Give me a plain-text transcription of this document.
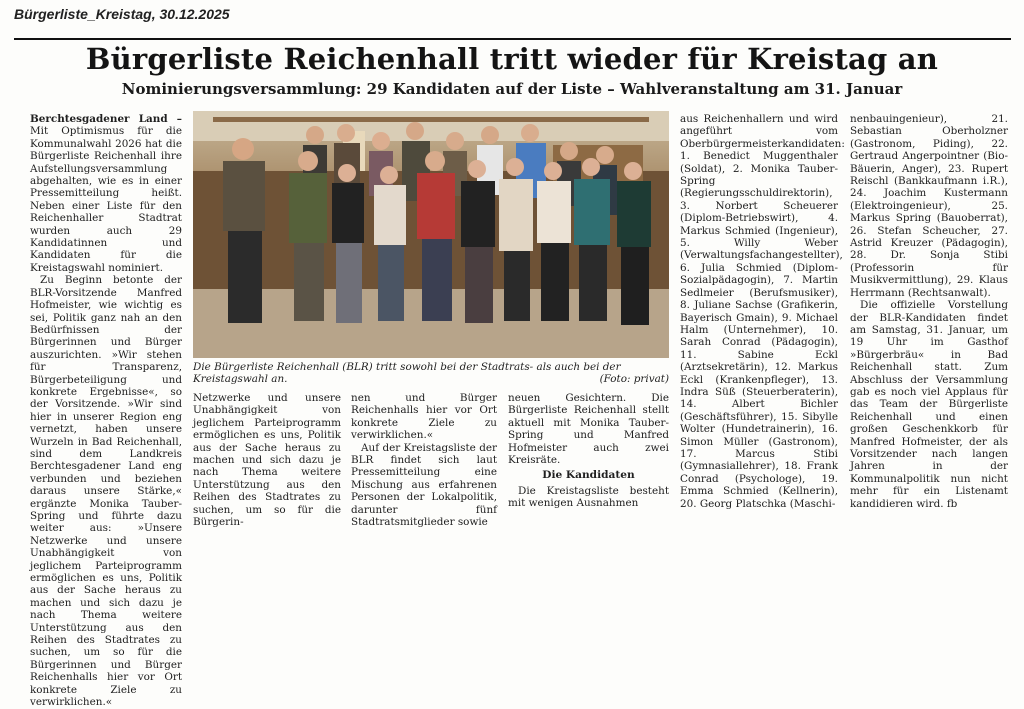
Bürgerliste_Kreistag, 30.12.2025
Bürgerliste Reichenhall tritt wieder für Kreistag an
Nominierungsversammlung: 29 Kandidaten auf der Liste – Wahlveranstaltung am 31. Januar

Berchtesgadener Land – Mit Optimismus für die Kommunalwahl 2026 hat die Bürgerliste Reichenhall ihre Aufstellungsversammlung abgehalten, wie es in einer Pressemitteilung heißt. Neben einer Liste für den Reichenhaller Stadtrat wurden auch 29 Kandidatinnen und Kandidaten für die Kreistagswahl nominiert.

Zu Beginn betonte der BLR-Vorsitzende Manfred Hofmeister, wie wichtig es sei, Politik ganz nah an den Bedürfnissen der Bürgerinnen und Bürger auszurichten. »Wir stehen für Transparenz, Bürgerbeteiligung und konkrete Ergebnisse«, so der Vorsitzende. »Wir sind hier in unserer Region eng vernetzt, haben unsere Wurzeln in Bad Reichenhall, sind dem Landkreis Berchtesgadener Land eng verbunden und beziehen daraus unsere Stärke,« ergänzte Monika Tauber-Spring und führte dazu weiter aus: »Unsere Netzwerke und unsere Unabhängigkeit von jeglichem Parteiprogramm ermöglichen es uns, Politik aus der Sache heraus zu machen und sich dazu je nach Thema weitere Unterstützung aus den Reihen des Stadtrates zu suchen, um so für die Bürgerinnen und Bürger Reichenhalls hier vor Ort konkrete Ziele zu verwirklichen.«

Die Bürgerliste Reichenhall (BLR) tritt sowohl bei der Stadtrats- als auch bei der Kreistagswahl an.	(Foto: privat)

Netzwerke und unsere Unabhängigkeit von jeglichem Parteiprogramm ermöglichen es uns, Politik aus der Sache heraus zu machen und sich dazu je nach Thema weitere Unterstützung aus den Reihen des Stadtrates zu suchen, um so für die Bürgerin-

nen und Bürger Reichenhalls hier vor Ort konkrete Ziele zu verwirklichen.«

Auf der Kreistagsliste der BLR findet sich laut Pressemitteilung eine Mischung aus erfahrenen Personen der Lokalpolitik, darunter fünf Stadtratsmitglieder sowie

neuen Gesichtern. Die Bürgerliste Reichenhall stellt aktuell mit Monika Tauber-Spring und Manfred Hofmeister auch zwei Kreisräte.

Die Kandidaten

Die Kreistagsliste besteht mit wenigen Ausnahmen

aus Reichenhallern und wird angeführt vom Oberbürgermeisterkandidaten: 1. Benedict Muggenthaler (Soldat), 2. Monika Tauber-Spring (Regierungsschuldirektorin), 3. Norbert Scheuerer (Diplom-Betriebswirt), 4. Markus Schmied (Ingenieur), 5. Willy Weber (Verwaltungsfachangestellter), 6. Julia Schmied (Diplom-Sozialpädagogin), 7. Martin Sedlmeier (Berufsmusiker), 8. Juliane Sachse (Grafikerin, Bayerisch Gmain), 9. Michael Halm (Unternehmer), 10. Sarah Conrad (Pädagogin), 11. Sabine Eckl (Arztsekretärin), 12. Markus Eckl (Krankenpfleger), 13. Indra Süß (Steuerberaterin), 14. Albert Bichler (Geschäftsführer), 15. Sibylle Wolter (Hundetrainerin), 16. Simon Müller (Gastronom), 17. Marcus Stibi (Gymnasiallehrer), 18. Frank Conrad (Psychologe), 19. Emma Schmied (Kellnerin), 20. Georg Platschka (Maschi-

nenbauingenieur), 21. Sebastian Oberholzner (Gastronom, Piding), 22. Gertraud Angerpointner (Bio-Bäuerin, Anger), 23. Rupert Reischl (Bankkaufmann i.R.), 24. Joachim Kustermann (Elektroingenieur), 25. Markus Spring (Bauoberrat), 26. Stefan Scheucher, 27. Astrid Kreuzer (Pädagogin), 28. Dr. Sonja Stibi (Professorin für Musikvermittlung), 29. Klaus Herrmann (Rechtsanwalt).

Die offizielle Vorstellung der BLR-Kandidaten findet am Samstag, 31. Januar, um 19 Uhr im Gasthof »Bürgerbräu« in Bad Reichenhall statt. Zum Abschluss der Versammlung gab es noch viel Applaus für das Team der Bürgerliste Reichenhall und einen großen Geschenkkorb für Manfred Hofmeister, der als Vorsitzender nach langen Jahren in der Kommunalpolitik nun nicht mehr für ein Listenamt kandidieren wird. fb
